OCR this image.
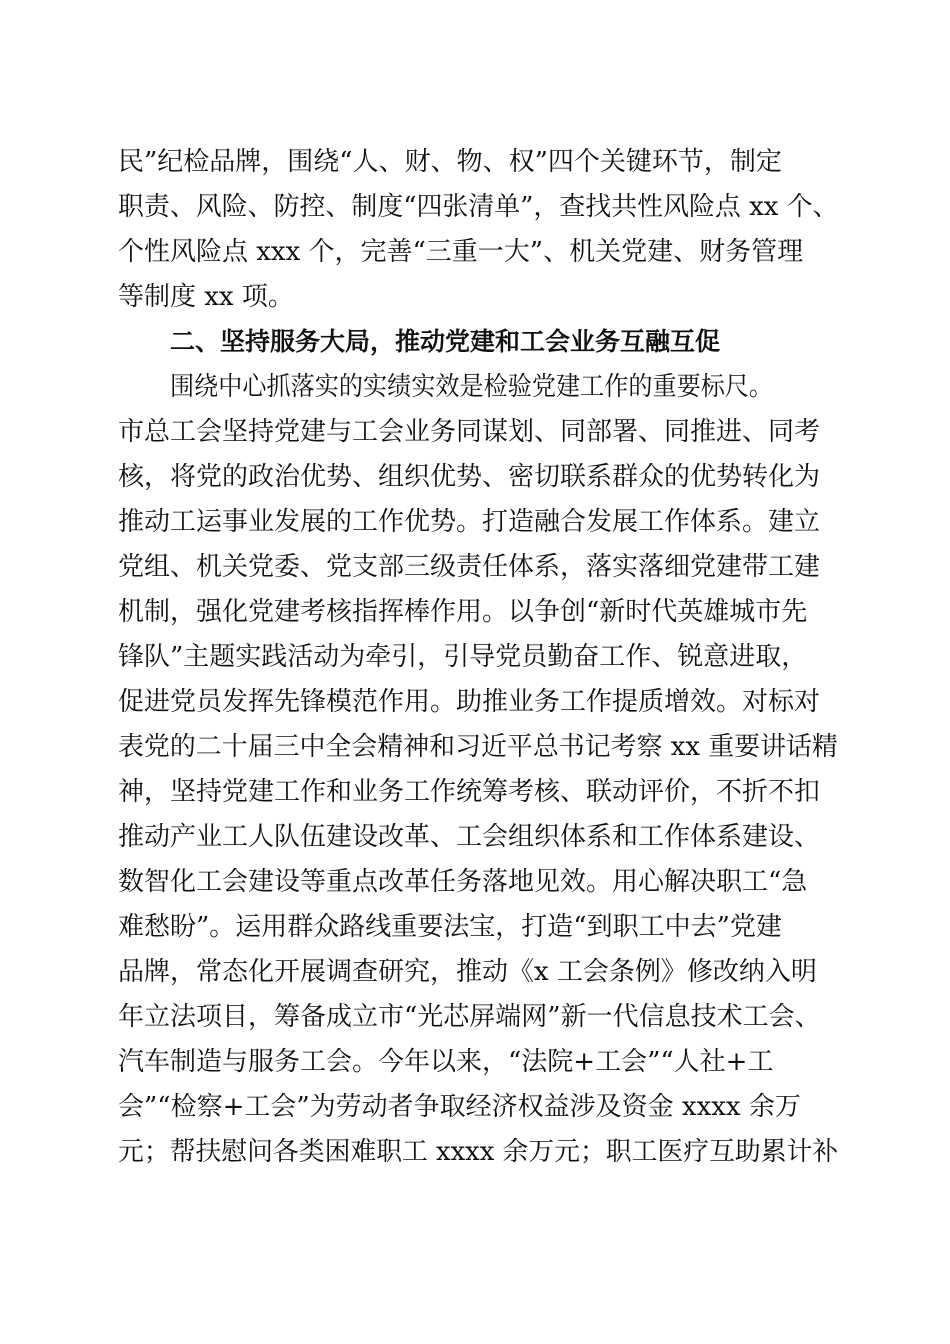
民”纪检品牌，围绕“人、财、物、权”四个关键环节，制定
职责、风险、防控、制度“四张清单”，查找共性风险点 xx 个、
个性风险点 xxx 个，完善“三重一大”、机关党建、财务管理
等制度 xx 项。
二、坚持服务大局，推动党建和工会业务互融互促
围绕中心抓落实的实绩实效是检验党建工作的重要标尺。
市总工会坚持党建与工会业务同谋划、同部署、同推进、同考
核，将党的政治优势、组织优势、密切联系群众的优势转化为
推动工运事业发展的工作优势。打造融合发展工作体系。建立
党组、机关党委、党支部三级责任体系，落实落细党建带工建
机制，强化党建考核指挥棒作用。以争创“新时代英雄城市先
锋队”主题实践活动为牵引，引导党员勤奋工作、锐意进取，
促进党员发挥先锋模范作用。助推业务工作提质增效。对标对
表党的二十届三中全会精神和习近平总书记考察 xx 重要讲话精
神，坚持党建工作和业务工作统筹考核、联动评价，不折不扣
推动产业工人队伍建设改革、工会组织体系和工作体系建设、
数智化工会建设等重点改革任务落地见效。用心解决职工“急
难愁盼”。运用群众路线重要法宝，打造“到职工中去”党建
品牌，常态化开展调查研究，推动《x 工会条例》修改纳入明
年立法项目，筹备成立市“光芯屏端网”新一代信息技术工会、
汽车制造与服务工会。今年以来，“法院+工会”“人社+工
会”“检察+工会”为劳动者争取经济权益涉及资金 xxxx 余万
元；帮扶慰问各类困难职工 xxxx 余万元；职工医疗互助累计补
